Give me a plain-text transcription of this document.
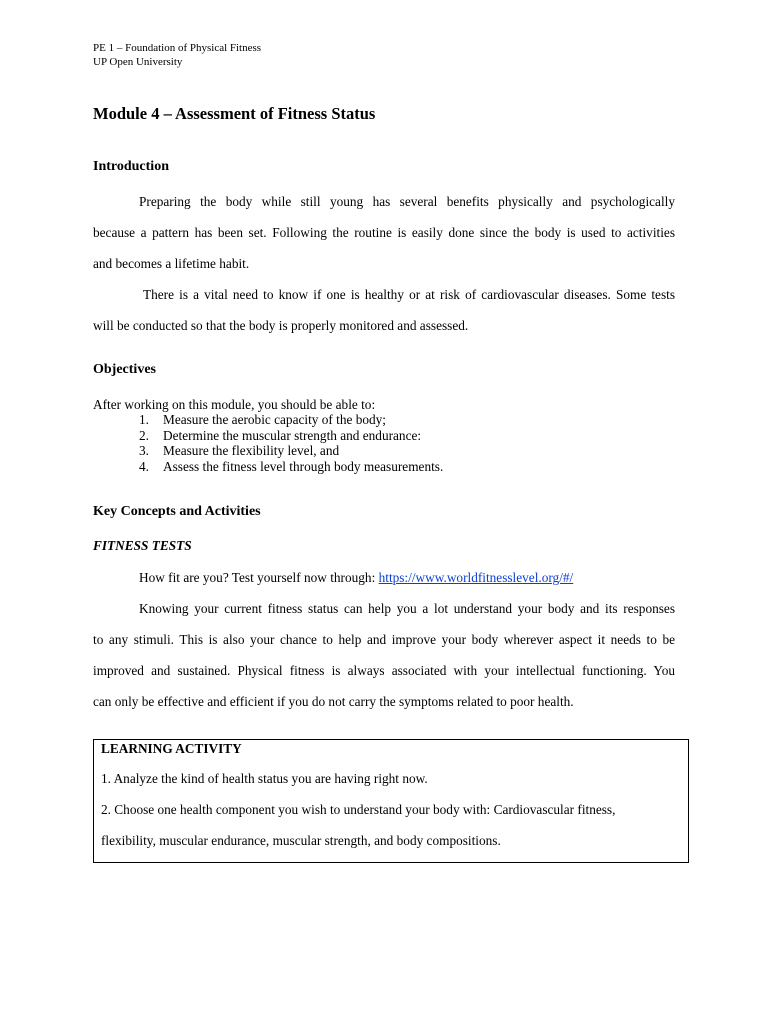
PE 1 – Foundation of Physical Fitness
UP Open University
Module 4 – Assessment of Fitness Status
Introduction
Preparing the body while still young has several benefits physically and psychologically
because a pattern has been set. Following the routine is easily done since the body is used to activities
and becomes a lifetime habit.
There is a vital need to know if one is healthy or at risk of cardiovascular diseases. Some tests
will be conducted so that the body is properly monitored and assessed.
Objectives
After working on this module, you should be able to:
1. Measure the aerobic capacity of the body;
2. Determine the muscular strength and endurance:
3. Measure the flexibility level, and
4. Assess the fitness level through body measurements.
Key Concepts and Activities
FITNESS TESTS
How fit are you? Test yourself now through: https://www.worldfitnesslevel.org/#/
Knowing your current fitness status can help you a lot understand your body and its responses
to any stimuli. This is also your chance to help and improve your body wherever aspect it needs to be
improved and sustained. Physical fitness is always associated with your intellectual functioning. You
can only be effective and efficient if you do not carry the symptoms related to poor health.
LEARNING ACTIVITY
1. Analyze the kind of health status you are having right now.
2. Choose one health component you wish to understand your body with: Cardiovascular fitness,
flexibility, muscular endurance, muscular strength, and body compositions.
